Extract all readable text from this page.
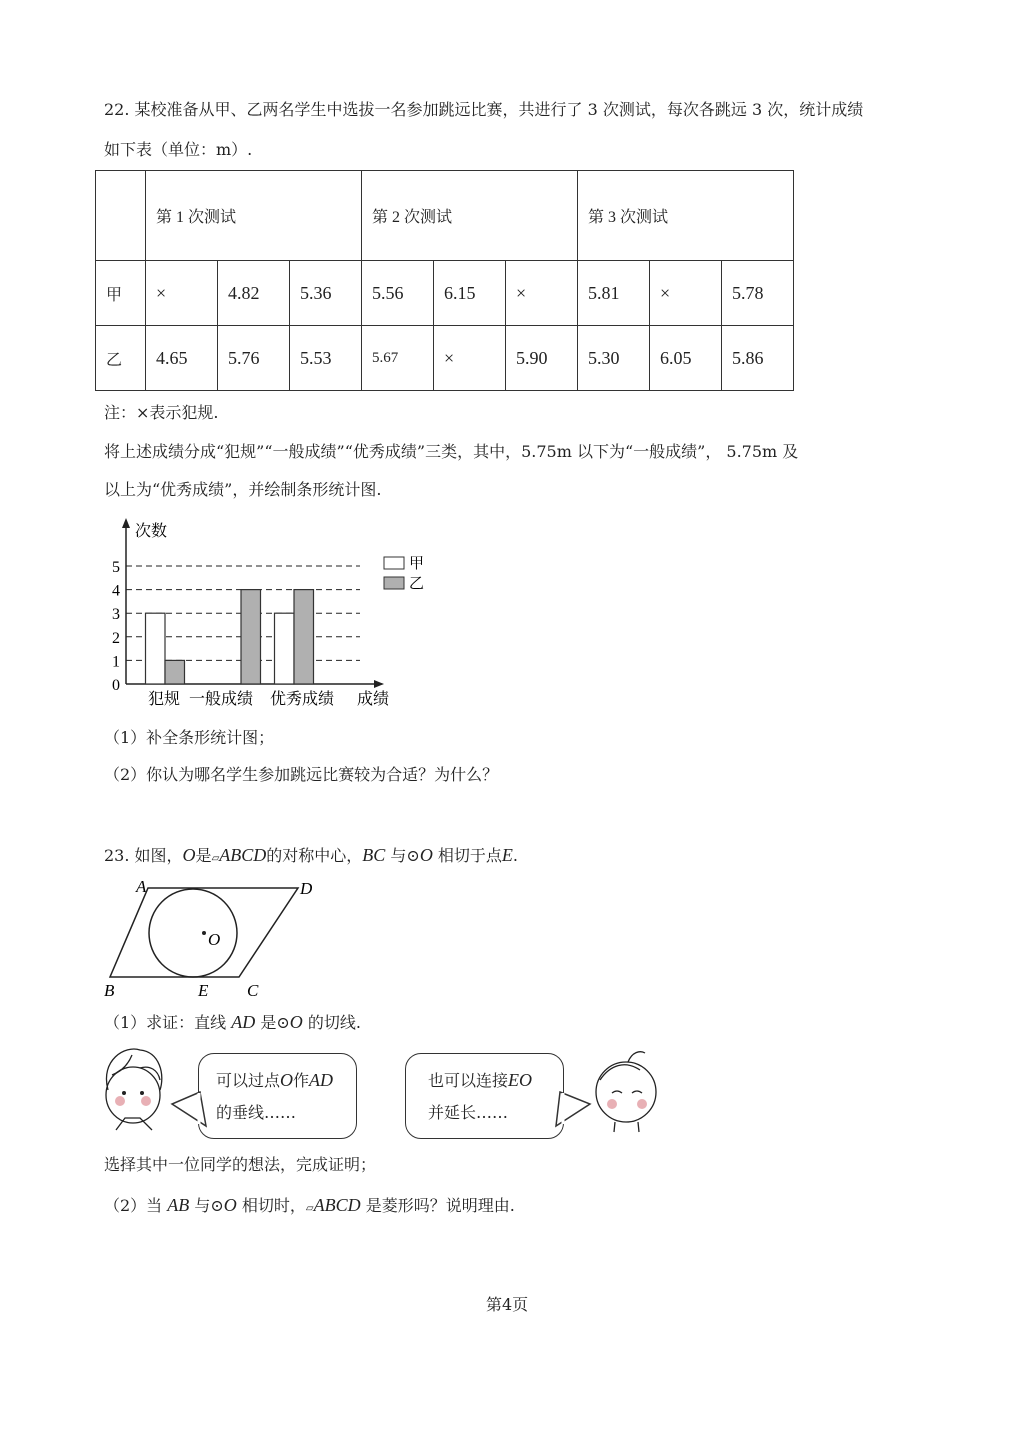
22. 某校准备从甲、乙两名学生中选拔一名参加跳远比赛，共进行了 3 次测试，每次各跳远 3 次，统计成绩
如下表（单位：m）.
	第 1 次测试			第 2 次测试			第 3 次测试		
甲	×	4.82	5.36	5.56	6.15	×	5.81	×	5.78
乙	4.65	5.76	5.53	5.67	×	5.90	5.30	6.05	5.86
注：×表示犯规.
将上述成绩分成“犯规”“一般成绩”“优秀成绩”三类，其中，5.75m 以下为“一般成绩”， 5.75m 及
以上为“优秀成绩”，并绘制条形统计图.
0
1
2
3
4
5
次数
成绩
犯规 一般成绩 优秀成绩
甲
乙
（1）补全条形统计图；
（2）你认为哪名学生参加跳远比赛较为合适？为什么？
23. 如图，O是▱ABCD的对称中心，BC 与⊙O 相切于点E.
A	D
O
B	E C
（1）求证：直线 AD 是⊙O 的切线.
可以过点O作AD
的垂线……
也可以连接EO
并延长……
选择其中一位同学的想法，完成证明；
（2）当 AB 与⊙O 相切时，▱ABCD 是菱形吗？说明理由.
第4页
